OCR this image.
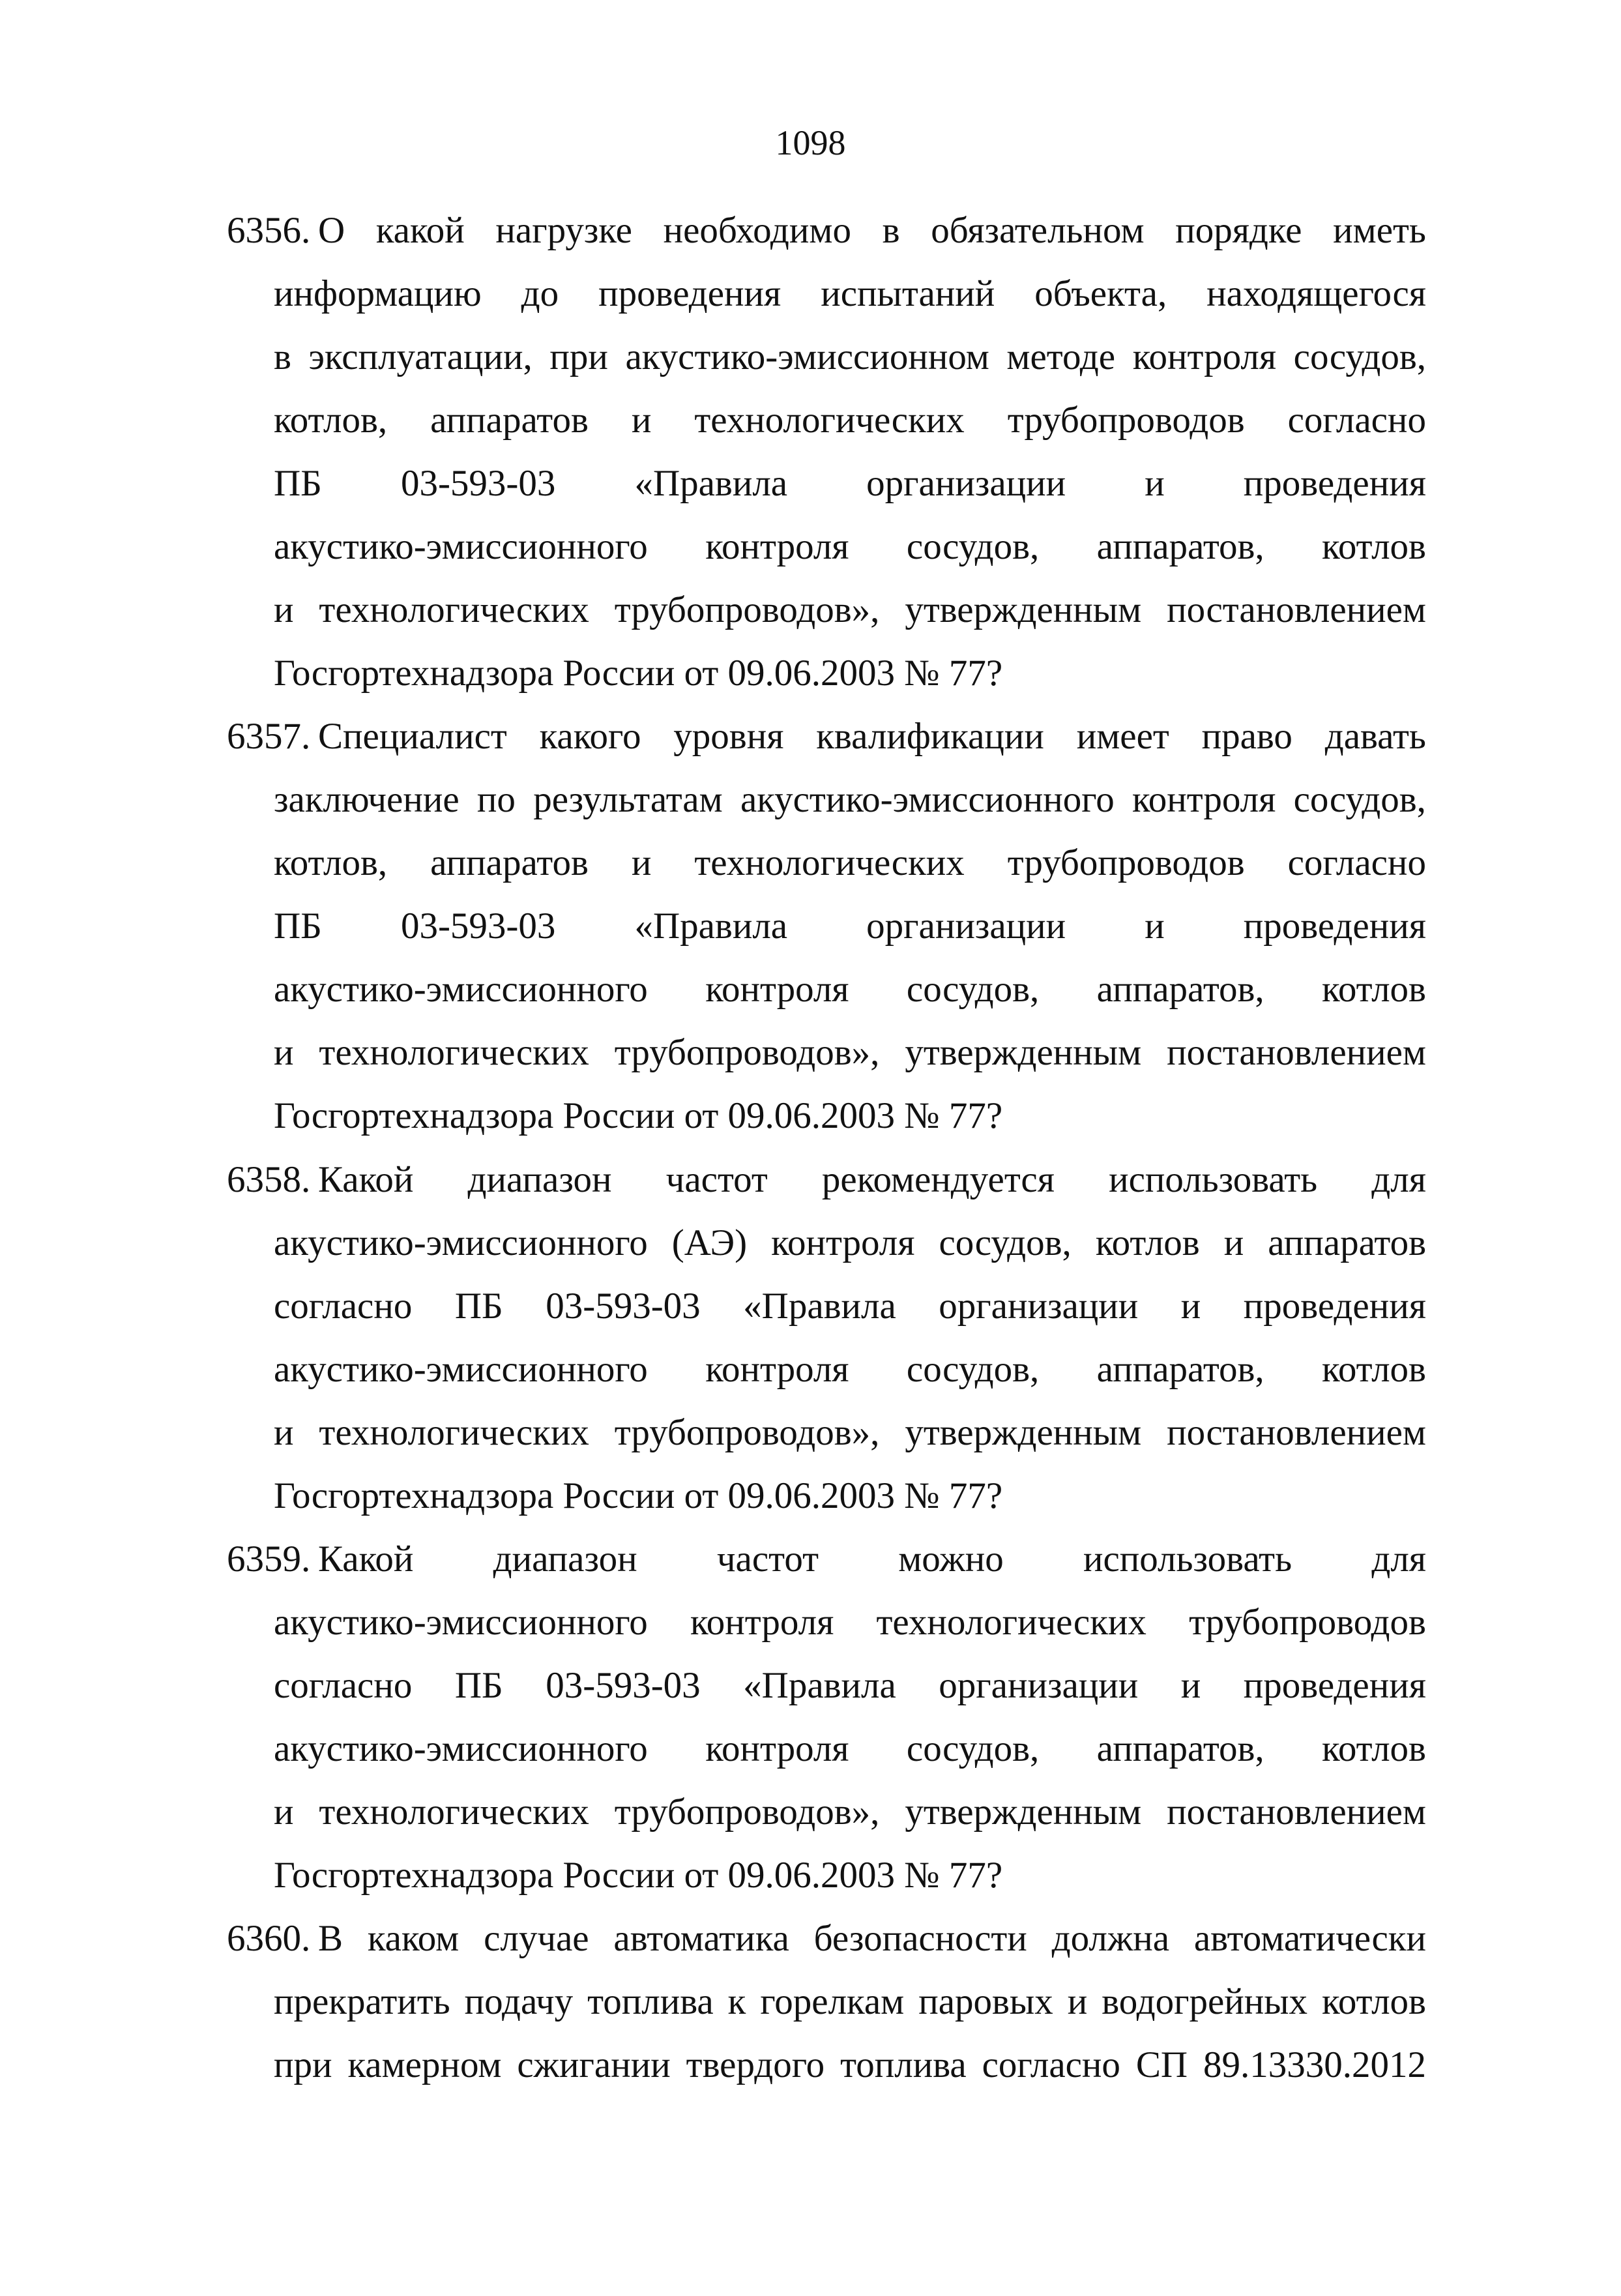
1098
6356. О какой нагрузке необходимо в обязательном порядке иметь
информацию до проведения испытаний объекта, находящегося
в эксплуатации, при акустико-эмиссионном методе контроля сосудов,
котлов, аппаратов и технологических трубопроводов согласно
ПБ 03-593-03 «Правила организации и проведения
акустико-эмиссионного контроля сосудов, аппаратов, котлов
и технологических трубопроводов», утвержденным постановлением
Госгортехнадзора России от 09.06.2003 № 77?
6357. Специалист какого уровня квалификации имеет право давать
заключение по результатам акустико-эмиссионного контроля сосудов,
котлов, аппаратов и технологических трубопроводов согласно
ПБ 03-593-03 «Правила организации и проведения
акустико-эмиссионного контроля сосудов, аппаратов, котлов
и технологических трубопроводов», утвержденным постановлением
Госгортехнадзора России от 09.06.2003 № 77?
6358. Какой диапазон частот рекомендуется использовать для
акустико-эмиссионного (АЭ) контроля сосудов, котлов и аппаратов
согласно ПБ 03-593-03 «Правила организации и проведения
акустико-эмиссионного контроля сосудов, аппаратов, котлов
и технологических трубопроводов», утвержденным постановлением
Госгортехнадзора России от 09.06.2003 № 77?
6359. Какой диапазон частот можно использовать для
акустико-эмиссионного контроля технологических трубопроводов
согласно ПБ 03-593-03 «Правила организации и проведения
акустико-эмиссионного контроля сосудов, аппаратов, котлов
и технологических трубопроводов», утвержденным постановлением
Госгортехнадзора России от 09.06.2003 № 77?
6360. В каком случае автоматика безопасности должна автоматически
прекратить подачу топлива к горелкам паровых и водогрейных котлов
при камерном сжигании твердого топлива согласно СП 89.13330.2012
